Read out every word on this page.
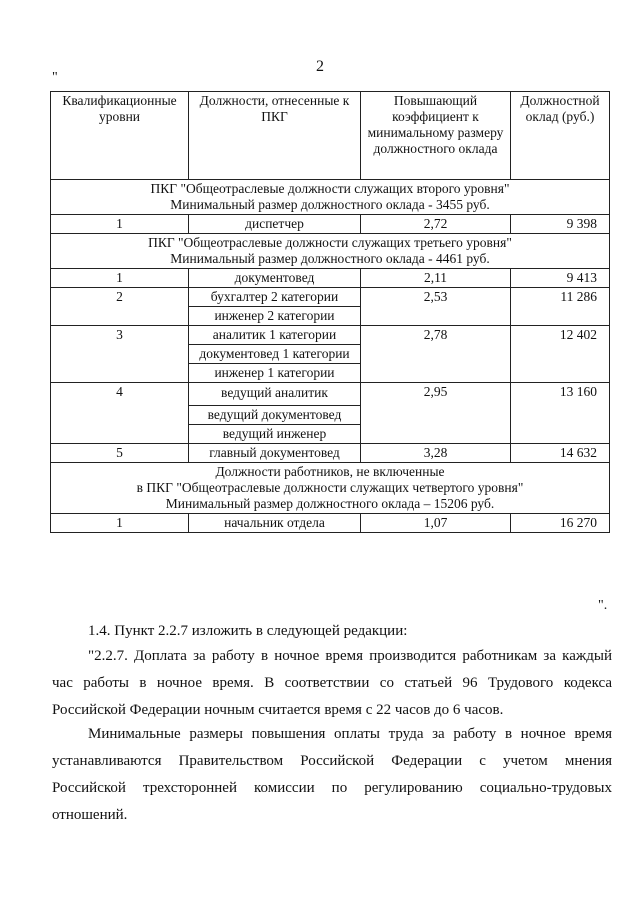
2
"
Квалификационные уровни	Должности, отнесенные к ПКГ	Повышающий коэффициент к минимальному размеру должностного оклада	Должностной оклад (руб.)

ПКГ "Общеотраслевые должности служащих второго уровня"
Минимальный размер должностного оклада - 3455 руб.			

1	диспетчер	2,72	9 398

ПКГ "Общеотраслевые должности служащих третьего уровня"
Минимальный размер должностного оклада - 4461 руб.			

1	документовед	2,11	9 413
2	бухгалтер 2 категории	2,53	11 286
	инженер 2 категории		
3	аналитик 1 категории	2,78	12 402
	документовед 1 категории		
	инженер 1 категории		
4	ведущий аналитик	2,95	13 160
	ведущий документовед		
	ведущий инженер		
5	главный документовед	3,28	14 632

Должности работников, не включенные
в ПКГ "Общеотраслевые должности служащих четвертого уровня"
Минимальный размер должностного оклада – 15206 руб.			

1	начальник отдела	1,07	16 270
".
1.4. Пункт 2.2.7 изложить в следующей редакции:
"2.2.7. Доплата за работу в ночное время производится работникам за каждый
час работы в ночное время. В соответствии со статьей 96 Трудового кодекса
Российской Федерации ночным считается время с 22 часов до 6 часов.
Минимальные размеры повышения оплаты труда за работу в ночное время
устанавливаются Правительством Российской Федерации с учетом мнения
Российской трехсторонней комиссии по регулированию социально-трудовых
отношений.
